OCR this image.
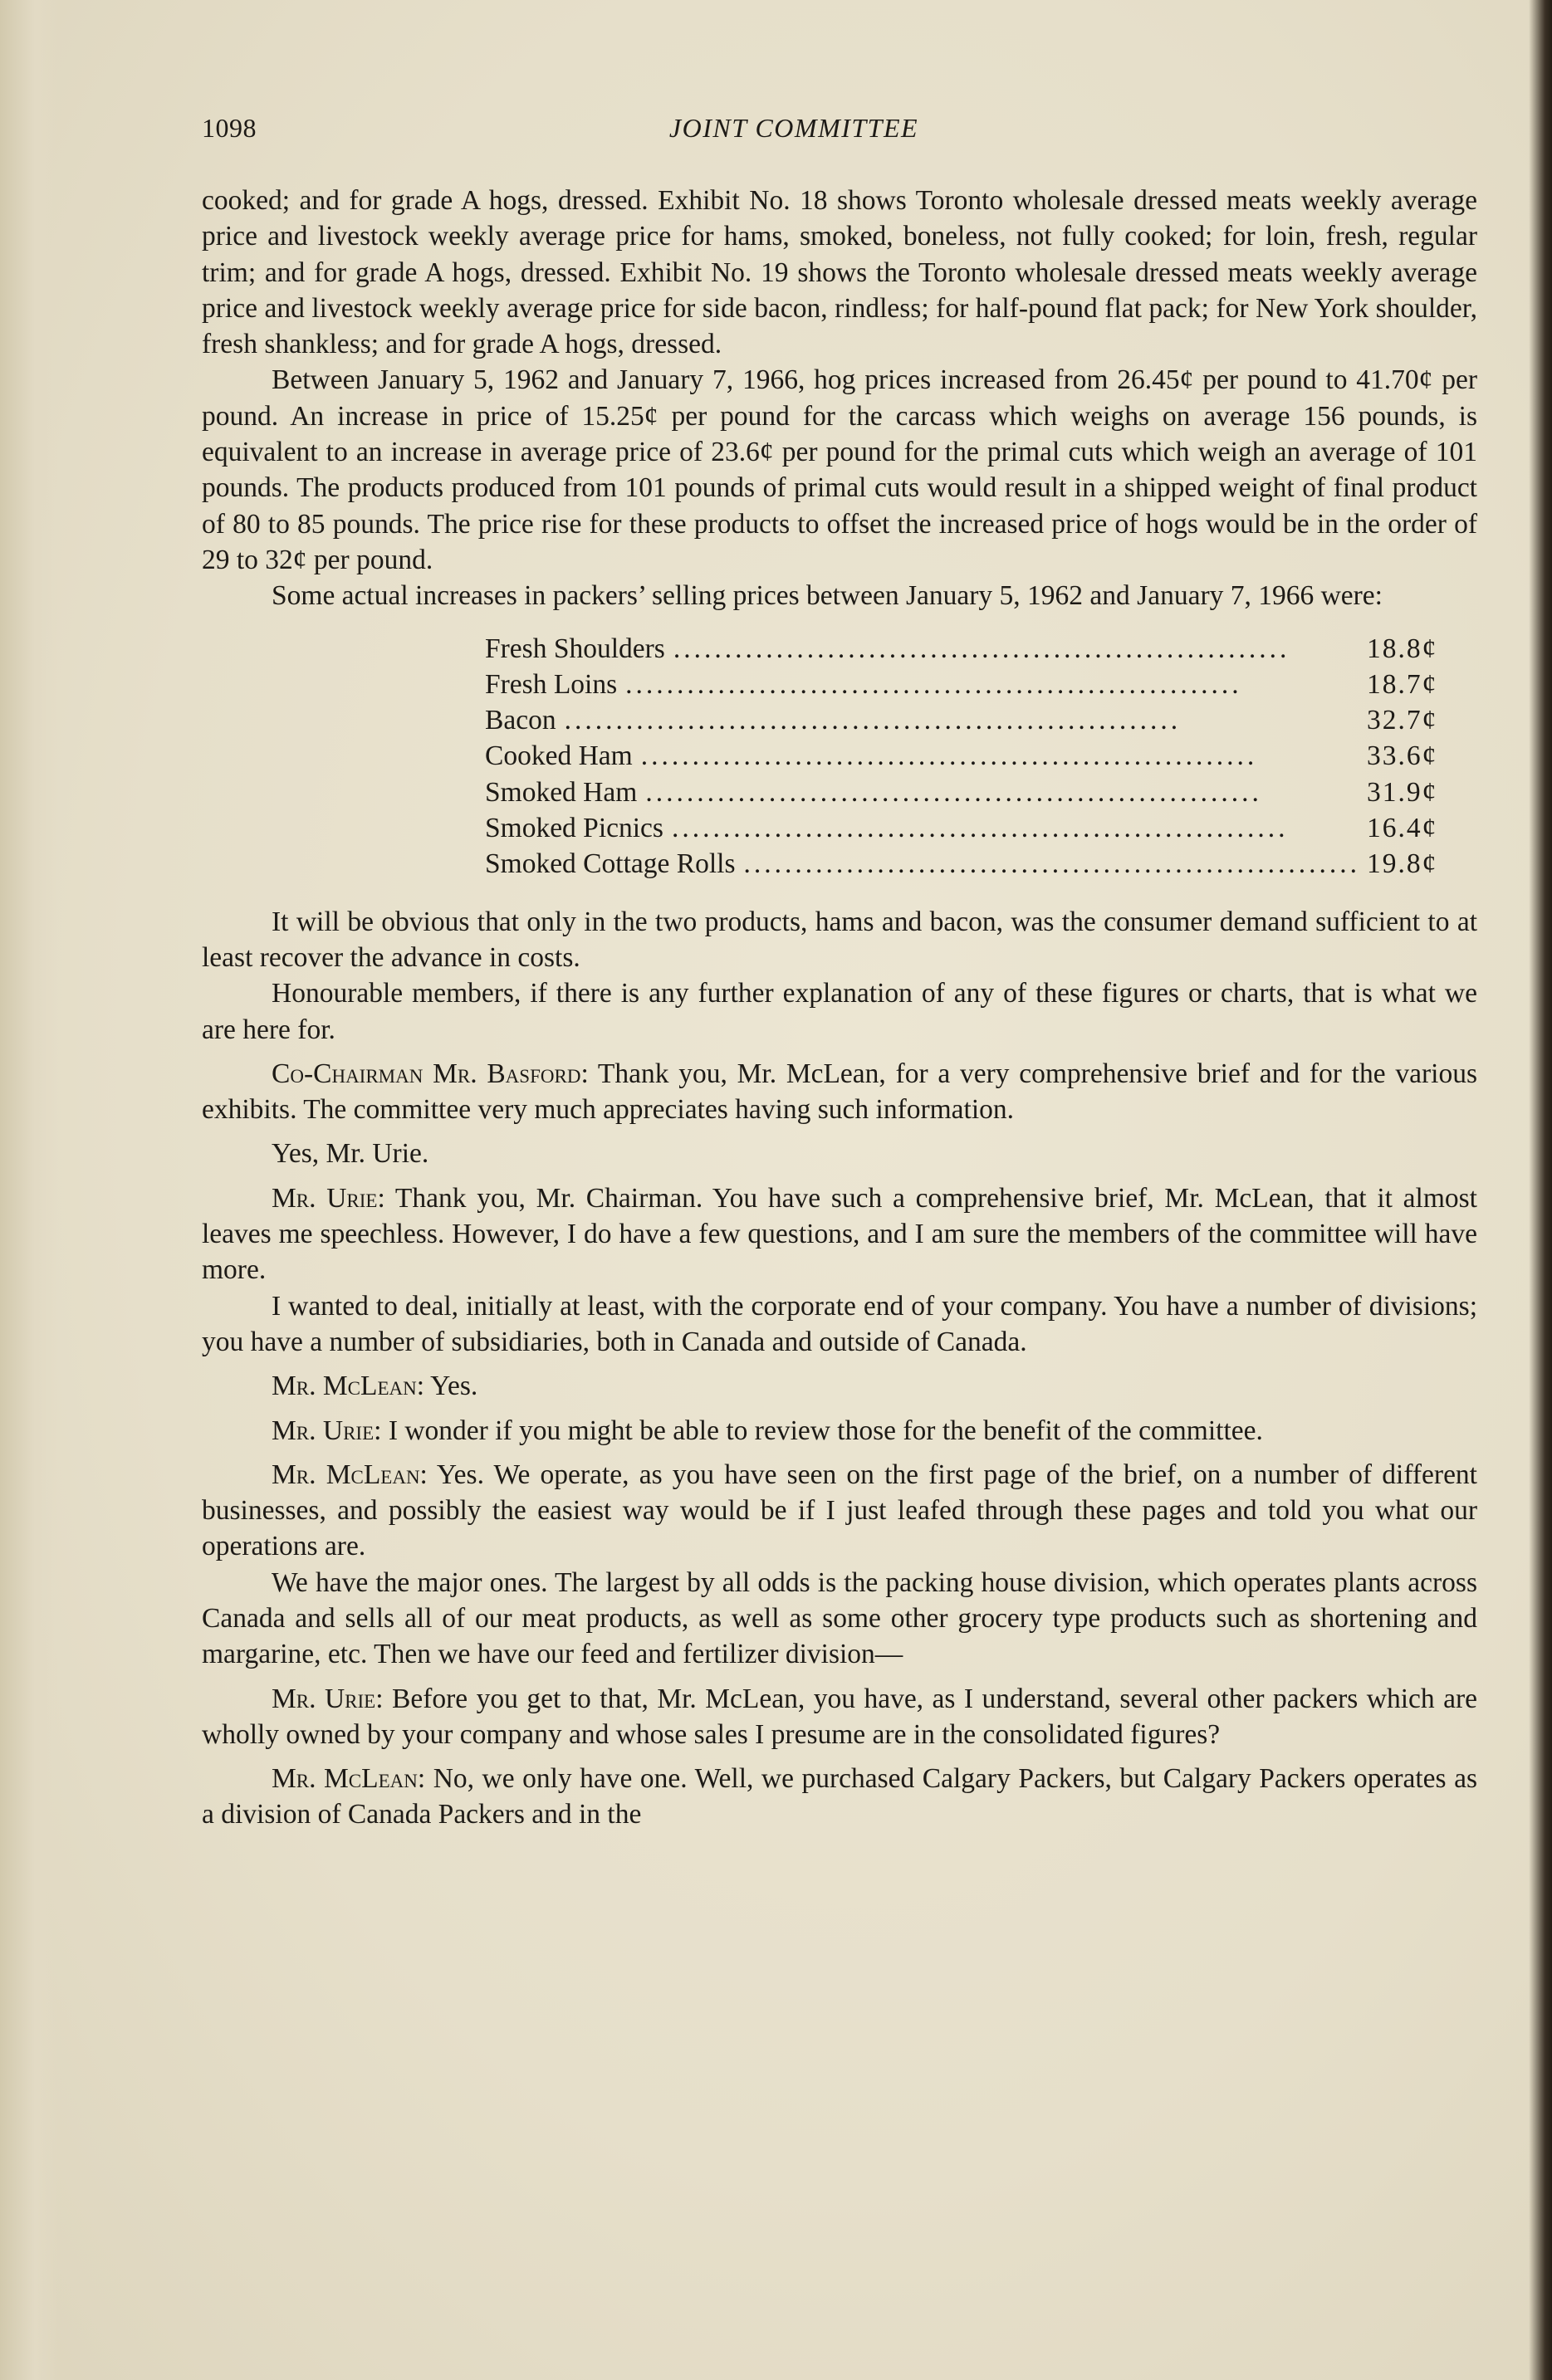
1098	JOINT COMMITTEE

cooked; and for grade A hogs, dressed. Exhibit No. 18 shows Toronto wholesale dressed meats weekly average price and livestock weekly average price for hams, smoked, boneless, not fully cooked; for loin, fresh, regular trim; and for grade A hogs, dressed. Exhibit No. 19 shows the Toronto wholesale dressed meats weekly average price and livestock weekly average price for side bacon, rindless; for half-pound flat pack; for New York shoulder, fresh shankless; and for grade A hogs, dressed.

Between January 5, 1962 and January 7, 1966, hog prices increased from 26.45¢ per pound to 41.70¢ per pound. An increase in price of 15.25¢ per pound for the carcass which weighs on average 156 pounds, is equivalent to an increase in average price of 23.6¢ per pound for the primal cuts which weigh an average of 101 pounds. The products produced from 101 pounds of primal cuts would result in a shipped weight of final product of 80 to 85 pounds. The price rise for these products to offset the increased price of hogs would be in the order of 29 to 32¢ per pound.

Some actual increases in packers’ selling prices between January 5, 1962 and January 7, 1966 were:

Fresh Shoulders ............................................................	18.8¢
Fresh Loins ............................................................	18.7¢
Bacon ............................................................	32.7¢
Cooked Ham ............................................................	33.6¢
Smoked Ham ............................................................	31.9¢
Smoked Picnics ............................................................	16.4¢
Smoked Cottage Rolls ............................................................	19.8¢

It will be obvious that only in the two products, hams and bacon, was the consumer demand sufficient to at least recover the advance in costs.

Honourable members, if there is any further explanation of any of these figures or charts, that is what we are here for.

Co-Chairman Mr. Basford: Thank you, Mr. McLean, for a very comprehensive brief and for the various exhibits. The committee very much appreciates having such information.

Yes, Mr. Urie.

Mr. Urie: Thank you, Mr. Chairman. You have such a comprehensive brief, Mr. McLean, that it almost leaves me speechless. However, I do have a few questions, and I am sure the members of the committee will have more.

I wanted to deal, initially at least, with the corporate end of your company. You have a number of divisions; you have a number of subsidiaries, both in Canada and outside of Canada.

Mr. McLean: Yes.

Mr. Urie: I wonder if you might be able to review those for the benefit of the committee.

Mr. McLean: Yes. We operate, as you have seen on the first page of the brief, on a number of different businesses, and possibly the easiest way would be if I just leafed through these pages and told you what our operations are.

We have the major ones. The largest by all odds is the packing house division, which operates plants across Canada and sells all of our meat products, as well as some other grocery type products such as shortening and margarine, etc. Then we have our feed and fertilizer division—

Mr. Urie: Before you get to that, Mr. McLean, you have, as I understand, several other packers which are wholly owned by your company and whose sales I presume are in the consolidated figures?

Mr. McLean: No, we only have one. Well, we purchased Calgary Packers, but Calgary Packers operates as a division of Canada Packers and in the
